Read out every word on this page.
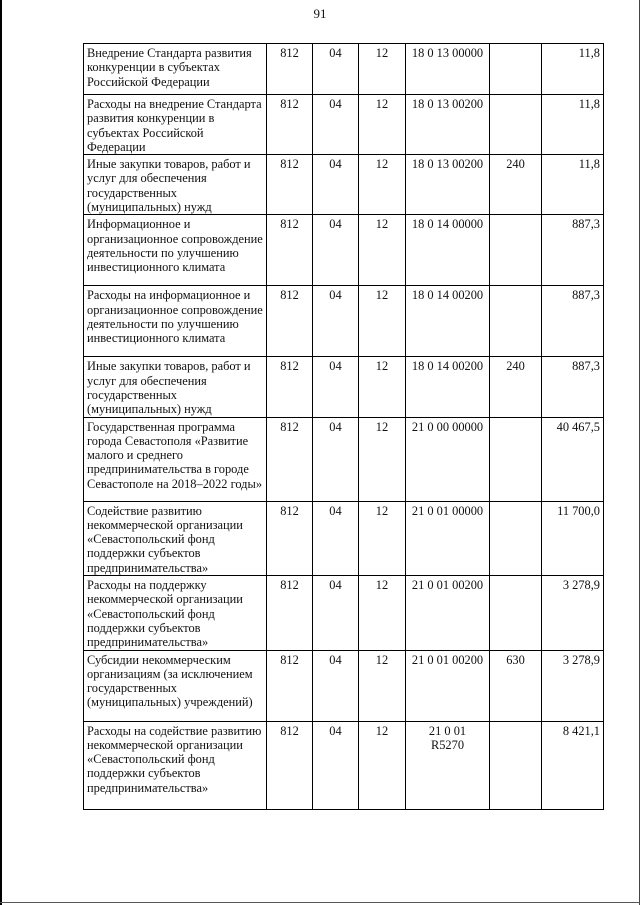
91
Внедрение Стандарта развития конкуренции в субъектах Российской Федерации	812	04	12	18 0 13 00000		11,8
Расходы на внедрение Стандарта развития конкуренции в субъектах Российской Федерации	812	04	12	18 0 13 00200		11,8
Иные закупки товаров, работ и услуг для обеспечения государственных (муниципальных) нужд	812	04	12	18 0 13 00200	240	11,8
Информационное и организационное сопровождение деятельности по улучшению инвестиционного климата	812	04	12	18 0 14 00000		887,3
Расходы на информационное и организационное сопровождение деятельности по улучшению инвестиционного климата	812	04	12	18 0 14 00200		887,3
Иные закупки товаров, работ и услуг для обеспечения государственных (муниципальных) нужд	812	04	12	18 0 14 00200	240	887,3
Государственная программа города Севастополя «Развитие малого и среднего предпринимательства в городе Севастополе на 2018–2022 годы»	812	04	12	21 0 00 00000		40 467,5
Содействие развитию некоммерческой организации «Севастопольский фонд поддержки субъектов предпринимательства»	812	04	12	21 0 01 00000		11 700,0
Расходы на поддержку некоммерческой организации «Севастопольский фонд поддержки субъектов предпринимательства»	812	04	12	21 0 01 00200		3 278,9
Субсидии некоммерческим организациям (за исключением государственных (муниципальных) учреждений)	812	04	12	21 0 01 00200	630	3 278,9
Расходы на содействие развитию некоммерческой организации «Севастопольский фонд поддержки субъектов предпринимательства»	812	04	12	21 0 01 R5270		8 421,1
